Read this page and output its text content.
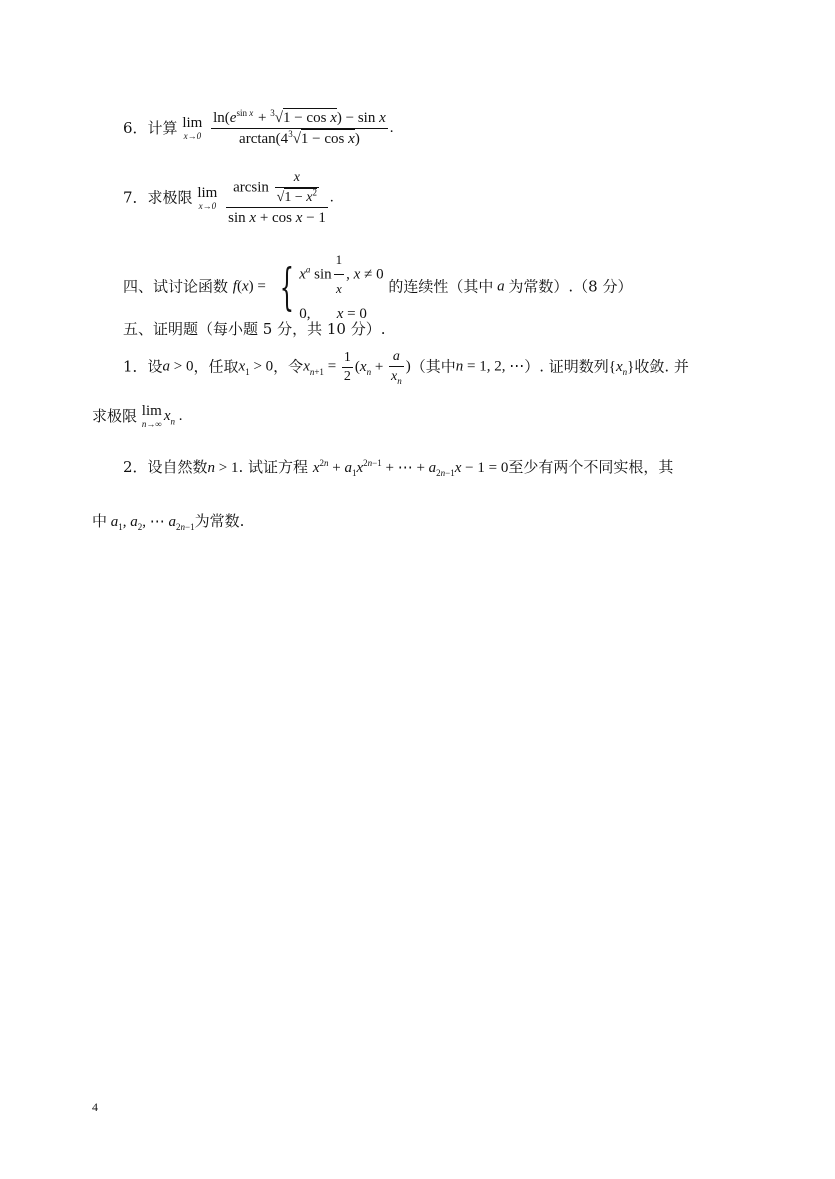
6．计算 lim
x→0
$\frac{\ln(e^{sin x} + ^3√1 - \cos x) - \sin x}{\arctan(4^3√1 - \cos x)}$ .
7．求极限 lim
x→0
$\frac{\arcsin \frac{x}{√1 - x^2}}{\text{sin x + cos x − 1}}$ .
四、试讨论函数 f(x) = { $x^a$ $\sin \frac{1}{x}$ , x ≠ 0
0,       x = 0
的连续性（其中 a 为常数）.（8 分）
五、证明题（每小题 5 分，共 10 分）.
1．设a > 0，任取$x_1 > 0$，令$x_{n+1} = \frac{1}{2} (x_n + \frac{a}{x_n}$ )（其中n = 1, 2, ⋯）. 证明数列$\{x_n\}$收敛. 并
求极限 lim
n→∞ $x_n$ .
2．设自然数n > 1. 试证方程 $x^{2n} + a_1x^{2n-1}$ + ⋯ + $a_{2n-1}x - 1 = 0$至少有两个不同实根，其
中 $a_1$, $a_2$, ⋯ $a_{2n-1}$为常数.
4
